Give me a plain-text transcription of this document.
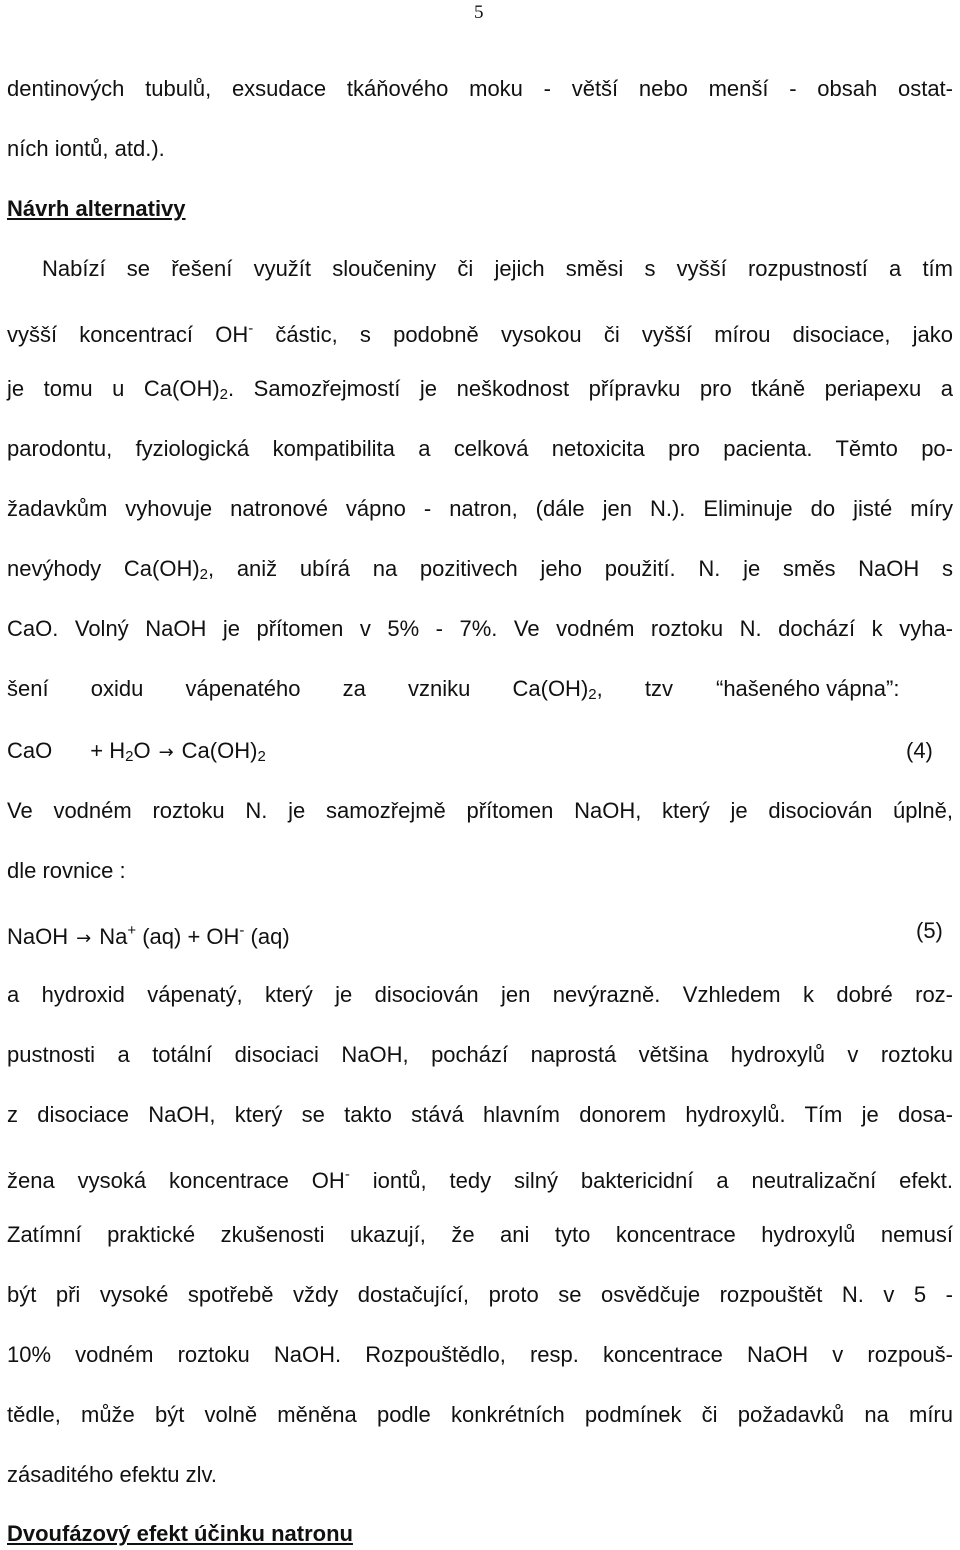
5
dentinových tubulů, exsudace tkáňového moku - větší nebo menší - obsah ostat-
ních iontů, atd.).
Návrh alternativy
Nabízí se řešení využít sloučeniny či jejich směsi s vyšší rozpustností a tím
vyšší koncentrací OH- částic, s podobně vysokou či vyšší mírou disociace, jako
je tomu u $Ca(OH)_2$. Samozřejmostí je neškodnost přípravku pro tkáně periapexu a
parodontu, fyziologická kompatibilita a celková netoxicita pro pacienta. Těmto po-
žadavkům vyhovuje natronové vápno - natron, (dále jen N.). Eliminuje do jisté míry
nevýhody $Ca(OH)_2$, aniž ubírá na pozitivech jeho použití. N. je směs NaOH s
CaO. Volný NaOH je přítomen v 5% - 7%. Ve vodném roztoku N. dochází k vyha-
šení oxidu vápenatého za vzniku $Ca(OH)_2$, tzv “hašeného vápna”:
CaO + $H_2O \to Ca(OH)_2$	(4)
Ve vodném roztoku N. je samozřejmě přítomen NaOH, který je disociován úplně,
dle rovnice :
NaOH → Na+ (aq) + OH- (aq)	(5)
a hydroxid vápenatý, který je disociován jen nevýrazně. Vzhledem k dobré roz-
pustnosti a totální disociaci NaOH, pochází naprostá většina hydroxylů v roztoku
z disociace NaOH, který se takto stává hlavním donorem hydroxylů. Tím je dosa-
žena vysoká koncentrace OH- iontů, tedy silný baktericidní a neutralizační efekt.
Zatímní praktické zkušenosti ukazují, že ani tyto koncentrace hydroxylů nemusí
být při vysoké spotřebě vždy dostačující, proto se osvědčuje rozpouštět N. v 5 -
10% vodném roztoku NaOH. Rozpouštědlo, resp. koncentrace NaOH v rozpouš-
tědle, může být volně měněna podle konkrétních podmínek či požadavků na míru
zásaditého efektu zlv.
Dvoufázový efekt účinku natronu
